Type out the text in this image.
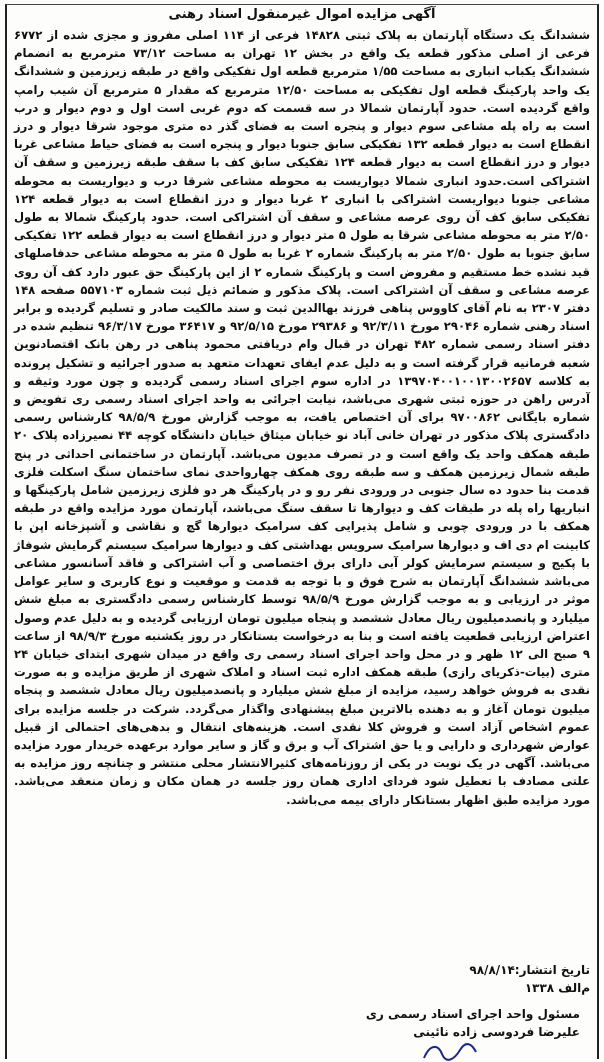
آگهی مزایده اموال غیرمنقول اسناد رهنی
ششدانگ یک دستگاه آپارتمان به پلاک ثبتی ۱۴۸۲۸ فرعی از ۱۱۴ اصلی مفروز و مجزی شده از ۶۷۷۲ فرعی از اصلی مذکور قطعه یک واقع در بخش ۱۲ تهران به مساحت ۷۳/۱۲ مترمربع به انضمام ششدانگ یکباب انباری به مساحت ۱/۵۵ مترمربع قطعه اول تفکیکی واقع در طبقه زیرزمین و ششدانگ یک واحد پارکینگ قطعه اول تفکیکی به مساحت ۱۲/۵۰ مترمربع که مقدار ۵ مترمربع آن شیب رامپ واقع گردیده است. حدود آپارتمان شمالا در سه قسمت که دوم غربی است اول و دوم دیوار و درب است به راه پله مشاعی سوم دیوار و پنجره است به فضای گذر ده متری موجود شرقا دیوار و درز انقطاع است به دیوار قطعه ۱۳۲ تفکیکی سابق جنوبا دیوار و پنجره است به فضای حیاط مشاعی غربا دیوار و درز انقطاع است به دیوار قطعه ۱۲۴ تفکیکی سابق کف با سقف طبقه زیرزمین و سقف آن اشتراکی است.حدود انباری شمالا دیواریست به محوطه مشاعی شرقا درب و دیواریست به محوطه مشاعی جنوبا دیواریست اشتراکی با انباری ۲ غربا دیوار و درز انقطاع است به دیوار قطعه ۱۲۴ تفکیکی سابق کف آن روی عرصه مشاعی و سقف آن اشتراکی است. حدود پارکینگ شمالا به طول ۲/۵۰ متر به محوطه مشاعی شرقا به طول ۵ متر دیوار و درز انقطاع است به دیوار قطعه ۱۲۲ تفکیکی سابق جنوبا به طول ۲/۵۰ متر به پارکینگ شماره ۲ غربا به طول ۵ متر به محوطه مشاعی حدفاصلهای قید نشده خط مستقیم و مفروض است و پارکینگ شماره ۲ از این پارکینگ حق عبور دارد کف آن روی عرصه مشاعی و سقف آن اشتراکی است. پلاک مذکور و ضمائم ذیل ثبت شماره ۵۵۷۱۰۳ صفحه ۱۴۸ دفتر ۲۳۰۷ به نام آقای کاووس پناهی فرزند بهاالدین ثبت و سند مالکیت صادر و تسلیم گردیده و برابر اسناد رهنی شماره ۲۹۰۴۶ مورخ ۹۲/۳/۱۱ و ۲۹۳۸۶ مورخ ۹۲/۵/۱۵ و ۳۶۴۱۷ مورخ ۹۶/۳/۱۷ تنظیم شده در دفتر اسناد رسمی شماره ۴۸۲ تهران در قبال وام دریافتی محمود پناهی در رهن بانک اقتصادنوین شعبه فرمانیه قرار گرفته است و به دلیل عدم ایفای تعهدات متعهد به صدور اجرائیه و تشکیل پرونده به کلاسه ۱۳۹۷۰۴۰۰۱۰۰۱۳۰۰۲۶۵۷ در اداره سوم اجرای اسناد رسمی گردیده و چون مورد وثیقه و آدرس راهن در حوزه ثبتی شهری می‌باشد، نیابت اجرائی به واحد اجرای اسناد رسمی ری تفویض و شماره بایگانی ۹۷۰۰۸۶۲ برای آن اختصاص یافت، به موجب گزارش مورخ ۹۸/۵/۹ کارشناس رسمی دادگستری پلاک مذکور در تهران خانی آباد نو خیابان میثاق خیابان دانشگاه کوچه ۴۴ نصیرزاده پلاک ۲۰ طبقه همکف واحد یک واقع است و در تصرف مدیون می‌باشد. آپارتمان در ساختمانی احداثی در پنج طبقه شمال زیرزمین همکف و سه طبقه روی همکف چهارواحدی نمای ساختمان سنگ اسکلت فلزی قدمت بنا حدود ده سال جنوبی در ورودی نفر رو و در پارکینگ هر دو فلزی زیرزمین شامل پارکینگها و انباریها راه پله در طبقات کف و دیوارها تا سقف سنگ می‌باشد، آپارتمان مورد مزایده واقع در طبقه همکف با در ورودی چوبی و شامل پذیرایی کف سرامیک دیوارها گچ و نقاشی و آشپزخانه اپن با کابینت ام دی اف و دیوارها سرامیک سرویس بهداشتی کف و دیوارها سرامیک سیستم گرمایش شوفاژ با پکیج و سیستم سرمایش کولر آبی دارای برق اختصاصی و آب اشتراکی و فاقد آسانسور مشاعی می‌باشد ششدانگ آپارتمان به شرح فوق و با توجه به قدمت و موقعیت و نوع کاربری و سایر عوامل موثر در ارزیابی و به موجب گزارش مورخ ۹۸/۵/۹ توسط کارشناس رسمی دادگستری به مبلغ شش میلیارد و پانصدمیلیون ریال معادل ششصد و پنجاه میلیون تومان ارزیابی گردیده و به دلیل عدم وصول اعتراض ارزیابی قطعیت یافته است و بنا به درخواست بستانکار در روز یکشنبه مورخ ۹۸/۹/۳ از ساعت ۹ صبح الی ۱۲ ظهر و در محل واحد اجرای اسناد رسمی ری واقع در میدان شهری ابتدای خیابان ۲۴ متری (بیات-ذکریای رازی) طبقه همکف اداره ثبت اسناد و املاک شهری از طریق مزایده و به صورت نقدی به فروش خواهد رسید، مزایده از مبلغ شش میلیارد و پانصدمیلیون ریال معادل ششصد و پنجاه میلیون تومان آغاز و به دهنده بالاترین مبلغ پیشنهادی واگذار می‌گردد. شرکت در جلسه مزایده برای عموم اشخاص آزاد است و فروش کلا نقدی است. هزینه‌های انتقال و بدهی‌های احتمالی از قبیل عوارض شهرداری و دارایی و یا حق اشتراک آب و برق و گاز و سایر موارد برعهده خریدار مورد مزایده می‌باشد. آگهی در یک نوبت در یکی از روزنامه‌های کثیرالانتشار محلی منتشر و چنانچه روز مزایده به علتی مصادف با تعطیل شود فردای اداری همان روز جلسه در همان مکان و زمان منعقد می‌باشد. مورد مزایده طبق اظهار بستانکار دارای بیمه می‌باشد.
تاریخ انتشار:۹۸/۸/۱۴
م‌الف ۱۳۳۸
مسئول واحد اجرای اسناد رسمی ری
علیرضا فردوسی زاده نائینی
